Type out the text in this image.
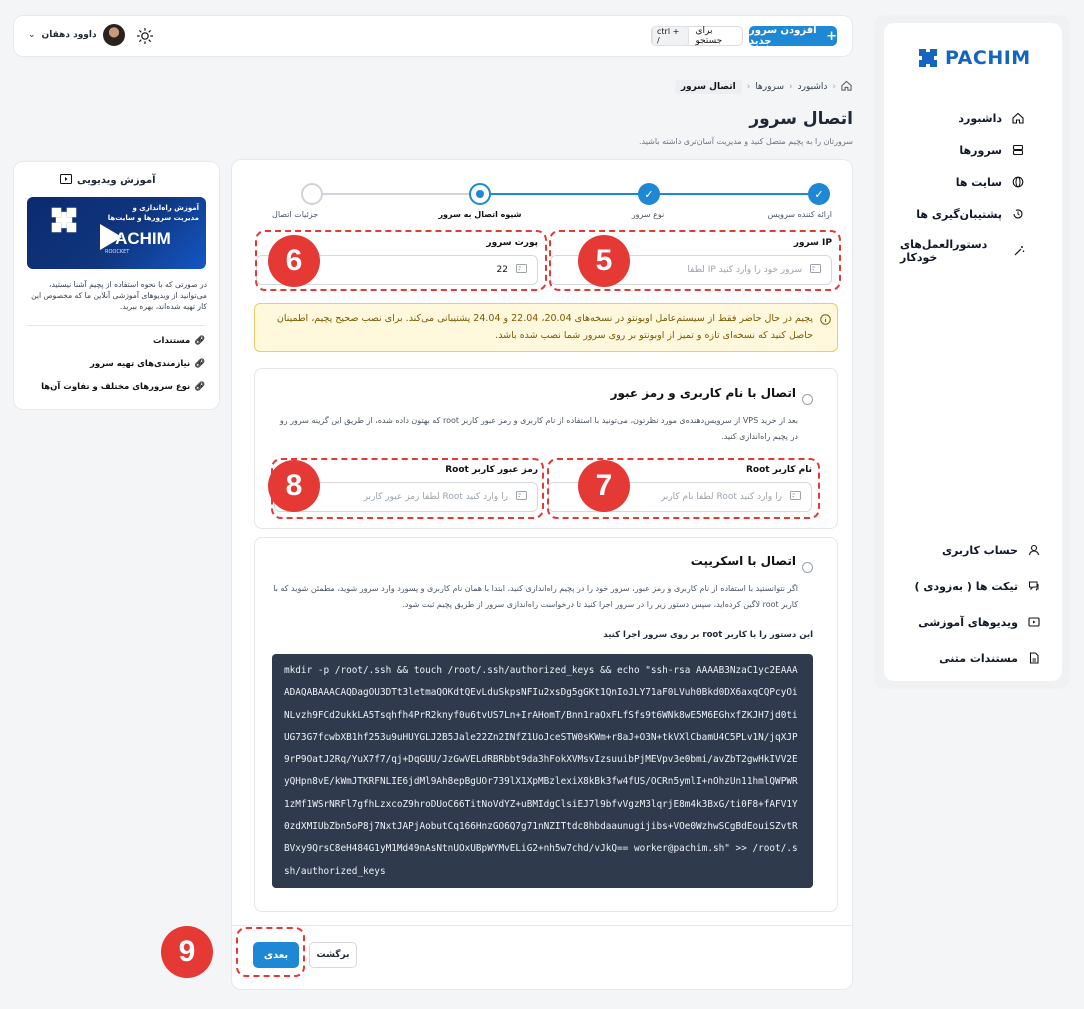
PACHIM
داشبورد
سرورها
سایت ها
پشتیبان‌گیری ها
دستورالعمل‌های خودکار
حساب کاربری
تیکت ها ( به‌زودی )
ویدیوهای آموزشی
مستندات متنی
افزودن سرور جدید	+
ctrl + /
برای جستجو
⌄ داوود دهقان
›
داشبورد
›
سرورها
›
اتصال سرور
اتصال سرور
سرورتان را به پچیم متصل کنید و مدیریت آسان‌تری داشته باشید.
✓
✓
ارائه کننده سرویس
نوع سرور
شیوه اتصال به سرور
جزئیات اتصال
IP سرور
لطفا IP سرور خود را وارد کنید
پورت سرور
22
پچیم در حال حاضر فقط از سیستم‌عامل اوبونتو در نسخه‌های 20.04، 22.04 و 24.04 پشتیبانی می‌کند. برای نصب صحیح پچیم، اطمینان حاصل کنید که نسخه‌ای تازه و تمیز از اوبونتو بر روی سرور شما نصب شده باشد.
اتصال با نام کاربری و رمز عبور
بعد از خرید VPS از سرویس‌دهنده‌ی مورد نظرتون، می‌تونید با استفاده از نام کاربری و رمز عبور کاربر root که بهتون داده شده، از طریق این گزینه سرور رو در پچیم راه‌اندازی کنید.
نام کاربر Root
لطفا نام کاربر Root را وارد کنید
رمز عبور کاربر Root
لطفا رمز عبور کاربر Root را وارد کنید
اتصال با اسکریپت
اگر نتوانستید با استفاده از نام کاربری و رمز عبور، سرور خود را در پچیم راه‌اندازی کنید، ابتدا با همان نام کاربری و پسورد وارد سرور شوید، مطمئن شوید که با کاربر root لاگین کرده‌اید، سپس دستور زیر را در سرور اجرا کنید تا درخواست راه‌اندازی سرور از طریق پچیم ثبت شود.
این دستور را با کاربر root بر روی سرور اجرا کنید
mkdir -p /root/.ssh && touch /root/.ssh/authorized_keys && echo "ssh-rsa AAAAB3NzaC1yc2EAAAADAQABAAACAQDagOU3DTt3letmaQOKdtQEvLduSkpsNFIu2xsDg5gGKt1QnIoJLY71aF0LVuh0Bkd0DX6axqCQPcyOiNLvzh9FCd2ukkLA5Tsqhfh4PrR2knyf0u6tvUS7Ln+IrAHomT/Bnn1raOxFLfSfs9t6WNk8wE5M6EGhxfZKJH7jd0tiUG73G7fcwbXB1hf253u9uHUYGLJ2B5Jale22Zn2INfZ1UoJceSTW0sKWm+r8aJ+O3N+tkVXlCbamU4C5PLv1N/jqXJP9rP9OatJ2Rq/YuX7f7/qj+DqGUU/JzGwVELdRBRbbt9da3hFokXVMsvIzsuuibPjMEVpv3e0bmi/avZbT2gwHkIVV2EyQHpn8vE/kWmJTKRFNLIE6jdMl9Ah8epBgUOr739lX1XpMBzlexiX8kBk3fw4fUS/OCRn5ymlI+nOhzUn11hmlQWPWR1zMf1WSrNRFl7gfhLzxcoZ9hroDUoC66TitNoVdYZ+uBMIdgClsiEJ7l9bfvVgzM3lqrjE8m4k3BxG/ti0F8+fAFV1Y0zdXMIUbZbn5oP8j7NxtJAPjAobutCq166HnzGO6Q7g71nNZITtdc8hbdaaunugijibs+VOe0WzhwSCgBdEouiSZvtRBVxy9QrsC8eH484G1yM1Md49nAsNtnUOxUBpWYMvELiG2+nh5w7chd/vJkQ== worker@pachim.sh" >> /root/.ssh/authorized_keys
بعدی	برگشت
آموزش ویدیویی
آموزش راه‌اندازی و
مدیریت سرورها و سایت‌ها
PACHIM
ROOCKET
در صورتی که با نحوه استفاده از پچیم آشنا نیستید، می‌توانید از ویدیوهای آموزشی آنلاین ما که مخصوص این کار تهیه شده‌اند، بهره ببرید.
🔗︎
مستندات
🔗︎
نیازمندی‌های تهیه سرور
🔗︎
نوع سرورهای مختلف و تفاوت آن‌ها
5
6
7
8
9
